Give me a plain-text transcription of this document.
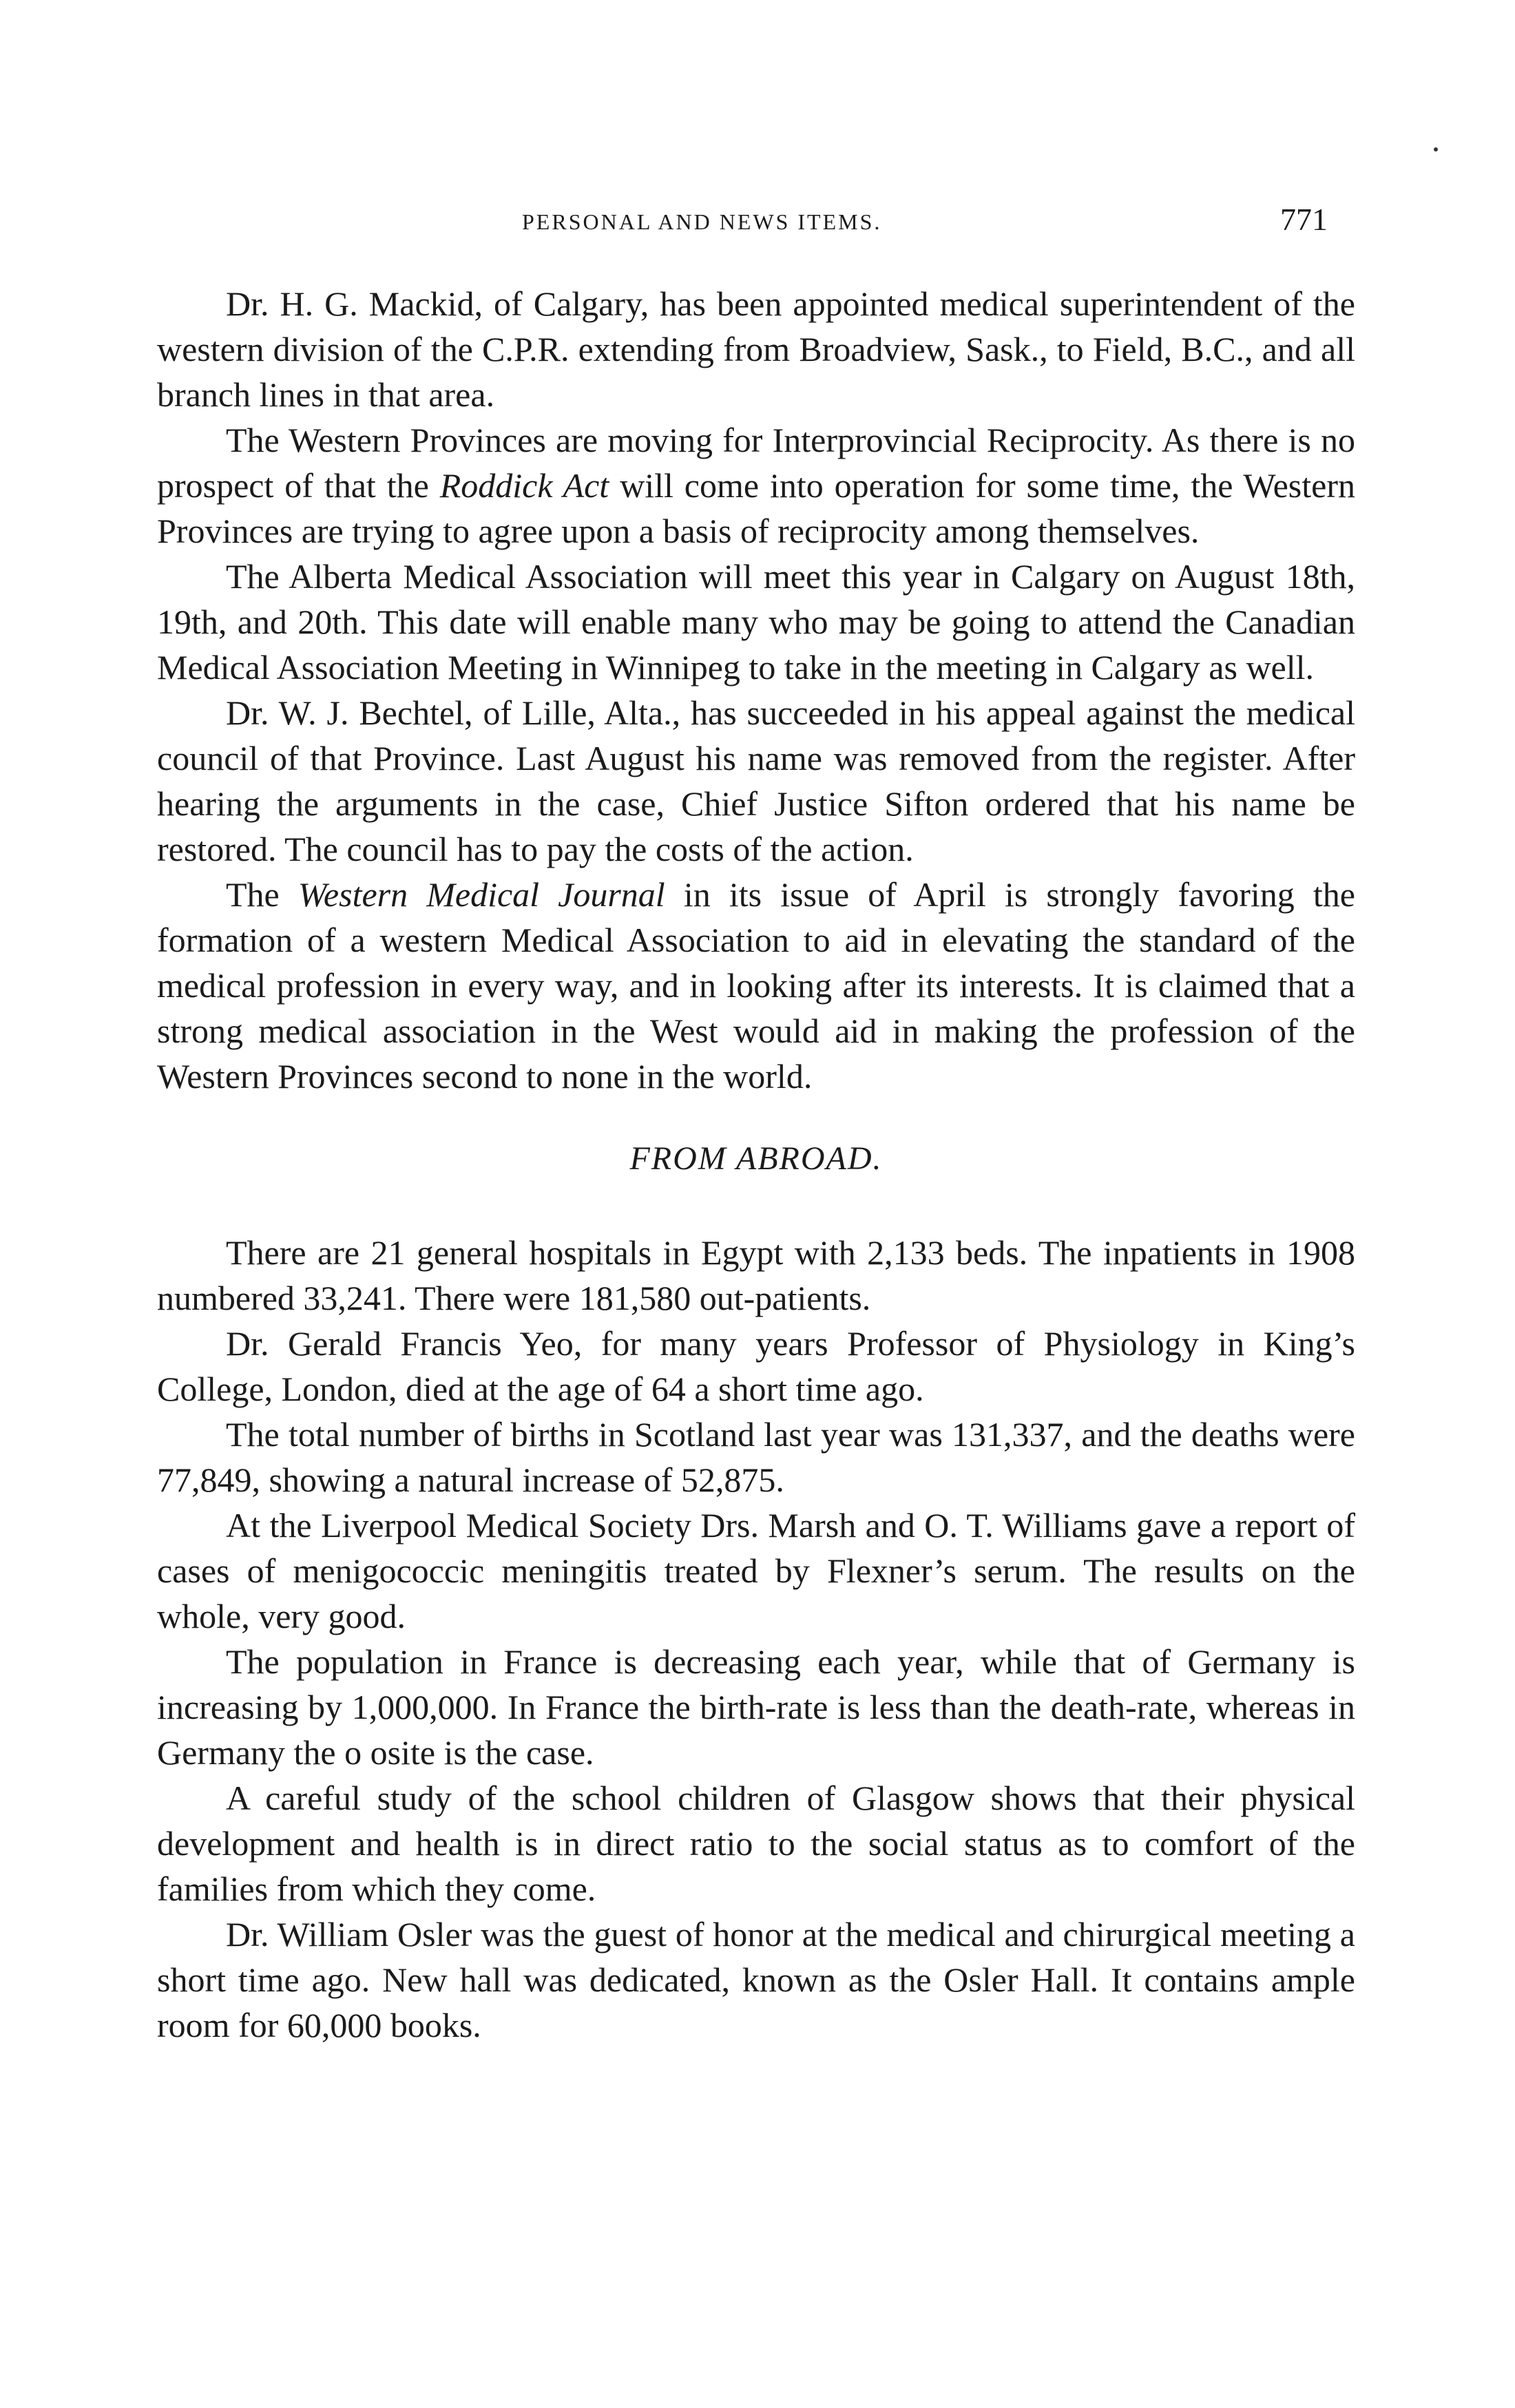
PERSONAL AND NEWS ITEMS.	771

Dr. H. G. Mackid, of Calgary, has been appointed medical superintendent of the western division of the C.P.R. extending from Broadview, Sask., to Field, B.C., and all branch lines in that area.

The Western Provinces are moving for Interprovincial Reciprocity. As there is no prospect of that the Roddick Act will come into operation for some time, the Western Provinces are trying to agree upon a basis of reciprocity among themselves.

The Alberta Medical Association will meet this year in Calgary on August 18th, 19th, and 20th. This date will enable many who may be going to attend the Canadian Medical Association Meeting in Winnipeg to take in the meeting in Calgary as well.

Dr. W. J. Bechtel, of Lille, Alta., has succeeded in his appeal against the medical council of that Province. Last August his name was removed from the register. After hearing the arguments in the case, Chief Justice Sifton ordered that his name be restored. The council has to pay the costs of the action.

The Western Medical Journal in its issue of April is strongly favoring the formation of a western Medical Association to aid in elevating the standard of the medical profession in every way, and in looking after its interests. It is claimed that a strong medical association in the West would aid in making the profession of the Western Provinces second to none in the world.

FROM ABROAD.

There are 21 general hospitals in Egypt with 2,133 beds. The inpatients in 1908 numbered 33,241. There were 181,580 out-patients.

Dr. Gerald Francis Yeo, for many years Professor of Physiology in King’s College, London, died at the age of 64 a short time ago.

The total number of births in Scotland last year was 131,337, and the deaths were 77,849, showing a natural increase of 52,875.

At the Liverpool Medical Society Drs. Marsh and O. T. Williams gave a report of cases of menigococcic meningitis treated by Flexner’s serum. The results on the whole, very good.

The population in France is decreasing each year, while that of Germany is increasing by 1,000,000. In France the birth-rate is less than the death-rate, whereas in Germany the o osite is the case.

A careful study of the school children of Glasgow shows that their physical development and health is in direct ratio to the social status as to comfort of the families from which they come.

Dr. William Osler was the guest of honor at the medical and chirurgical meeting a short time ago. New hall was dedicated, known as the Osler Hall. It contains ample room for 60,000 books.
